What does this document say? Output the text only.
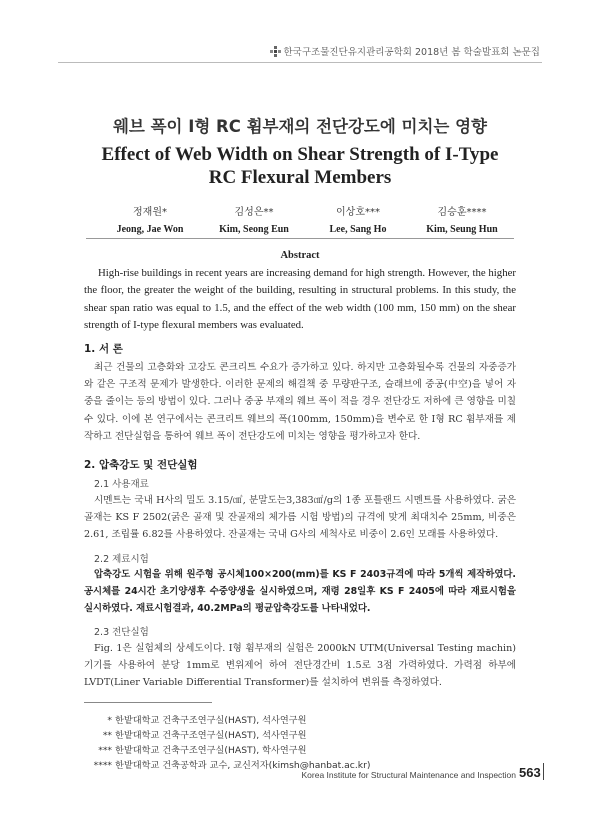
한국구조물진단유지관리공학회 2018년 봄 학술발표회 논문집
웨브 폭이 I형 RC 휨부재의 전단강도에 미치는 영향
Effect of Web Width on Shear Strength of I-Type
RC Flexural Members
정재원*
Jeong, Jae Won
김성은**
Kim, Seong Eun
이상호***
Lee, Sang Ho
김승훈****
Kim, Seung Hun
Abstract
High-rise buildings in recent years are increasing demand for high strength. However, the higher the floor, the greater the weight of the building, resulting in structural problems. In this study, the shear span ratio was equal to 1.5, and the effect of the web width (100 mm, 150 mm) on the shear strength of I-type flexural members was evaluated.
1. 서 론
최근 건물의 고층화와 고강도 콘크리트 수요가 증가하고 있다. 하지만 고층화될수록 건물의 자중증가와 같은 구조적 문제가 발생한다. 이러한 문제의 해결책 중 무량판구조, 슬래브에 중공(中空)을 넣어 자중을 줄이는 등의 방법이 있다. 그러나 중공 부재의 웨브 폭이 적을 경우 전단강도 저하에 큰 영향을 미칠 수 있다. 이에 본 연구에서는 콘크리트 웨브의 폭(100mm, 150mm)을 변수로 한 I형 RC 휨부재를 제작하고 전단실험을 통하여 웨브 폭이 전단강도에 미치는 영향을 평가하고자 한다.
2. 압축강도 및 전단실험
2.1 사용재료
시멘트는 국내 H사의 밀도 3.15/㎤, 분말도는3,383㎠/g의 1종 포틀랜드 시멘트를 사용하였다. 굵은 골재는 KS F 2502(굵은 골재 및 잔골재의 체가름 시험 방법)의 규격에 맞게 최대치수 25mm, 비중은 2.61, 조립률 6.82를 사용하였다. 잔골재는 국내 G사의 세척사로 비중이 2.6인 모래를 사용하였다.
2.2 제료시험
압축강도 시험을 위해 원주형 공시체100×200(mm)를 KS F 2403규격에 따라 5개씩 제작하였다. 공시체를 24시간 초기양생후 수중양생을 실시하였으며, 재령 28일후 KS F 2405에 따라 재료시험을 실시하였다. 재료시험결과, 40.2MPa의 평균압축강도를 나타내었다.
2.3 전단실험
Fig. 1은 실험체의 상세도이다. I형 휨부재의 실험은 2000kN UTM(Universal Testing machin)기기를 사용하여 분당 1mm로 변위제어 하여 전단경간비 1.5로 3점 가력하였다. 가력점 하부에 LVDT(Liner Variable Differential Transformer)를 설치하여 변위를 측정하였다.
* 한밭대학교 건축구조연구실(HAST), 석사연구원
** 한밭대학교 건축구조연구실(HAST), 석사연구원
*** 한밭대학교 건축구조연구실(HAST), 학사연구원
**** 한밭대학교 건축공학과 교수, 교신저자(kimsh@hanbat.ac.kr)
Korea Institute for Structural Maintenance and Inspection 563
